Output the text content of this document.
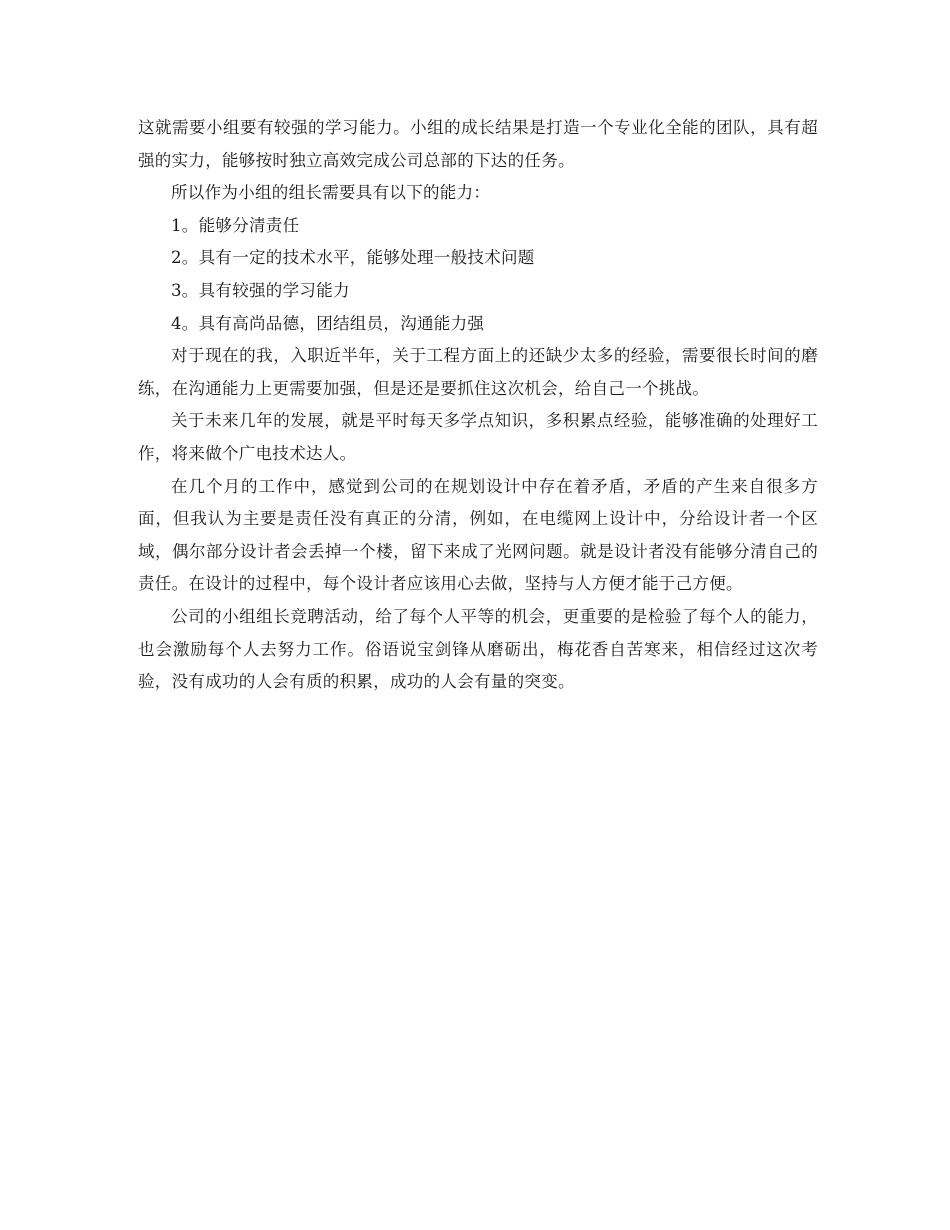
这就需要小组要有较强的学习能力。小组的成长结果是打造一个专业化全能的团队，具有超强的实力，能够按时独立高效完成公司总部的下达的任务。

所以作为小组的组长需要具有以下的能力：

1。能够分清责任

2。具有一定的技术水平，能够处理一般技术问题

3。具有较强的学习能力

4。具有高尚品德，团结组员，沟通能力强

对于现在的我，入职近半年，关于工程方面上的还缺少太多的经验，需要很长时间的磨练，在沟通能力上更需要加强，但是还是要抓住这次机会，给自己一个挑战。

关于未来几年的发展，就是平时每天多学点知识，多积累点经验，能够准确的处理好工作，将来做个广电技术达人。

在几个月的工作中，感觉到公司的在规划设计中存在着矛盾，矛盾的产生来自很多方面，但我认为主要是责任没有真正的分清，例如，在电缆网上设计中，分给设计者一个区域，偶尔部分设计者会丢掉一个楼，留下来成了光网问题。就是设计者没有能够分清自己的责任。在设计的过程中，每个设计者应该用心去做，坚持与人方便才能于己方便。

公司的小组组长竞聘活动，给了每个人平等的机会，更重要的是检验了每个人的能力，也会激励每个人去努力工作。俗语说宝剑锋从磨砺出，梅花香自苦寒来，相信经过这次考验，没有成功的人会有质的积累，成功的人会有量的突变。
